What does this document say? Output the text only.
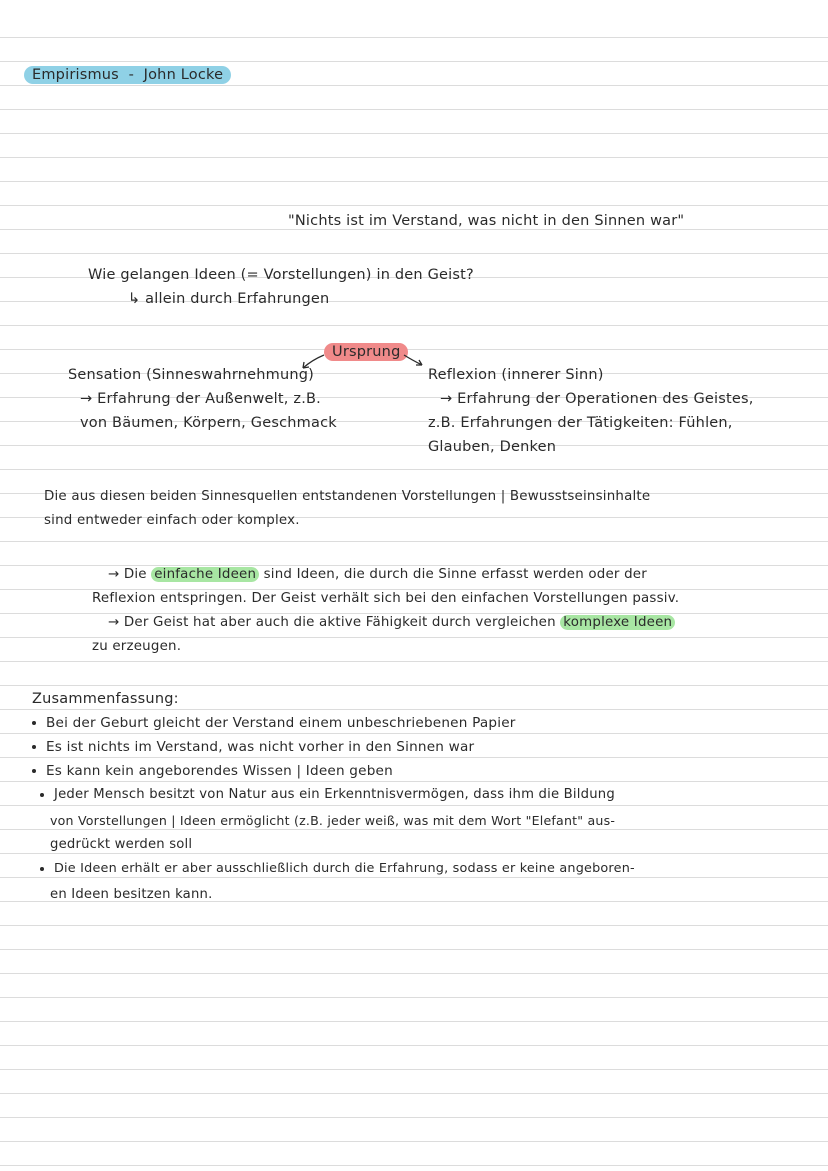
Empirismus - John Locke
"Nichts ist im Verstand, was nicht in den Sinnen war"
Wie gelangen Ideen (= Vorstellungen) in den Geist?
↳ allein durch Erfahrungen
Ursprung
Sensation (Sinneswahrnehmung)
→ Erfahrung der Außenwelt, z.B.
von Bäumen, Körpern, Geschmack
Reflexion (innerer Sinn)
→ Erfahrung der Operationen des Geistes,
z.B. Erfahrungen der Tätigkeiten: Fühlen,
Glauben, Denken
Die aus diesen beiden Sinnesquellen entstandenen Vorstellungen | Bewusstseinsinhalte
sind entweder einfach oder komplex.
→ Die einfache Ideen sind Ideen, die durch die Sinne erfasst werden oder der
Reflexion entspringen. Der Geist verhält sich bei den einfachen Vorstellungen passiv.
→ Der Geist hat aber auch die aktive Fähigkeit durch vergleichen komplexe Ideen
zu erzeugen.
Zusammenfassung:
Bei der Geburt gleicht der Verstand einem unbeschriebenen Papier
Es ist nichts im Verstand, was nicht vorher in den Sinnen war
Es kann kein angeborendes Wissen | Ideen geben
Jeder Mensch besitzt von Natur aus ein Erkenntnisvermögen, dass ihm die Bildung
von Vorstellungen | Ideen ermöglicht (z.B. jeder weiß, was mit dem Wort "Elefant" aus-
gedrückt werden soll
Die Ideen erhält er aber ausschließlich durch die Erfahrung, sodass er keine angeboren-
en Ideen besitzen kann.
